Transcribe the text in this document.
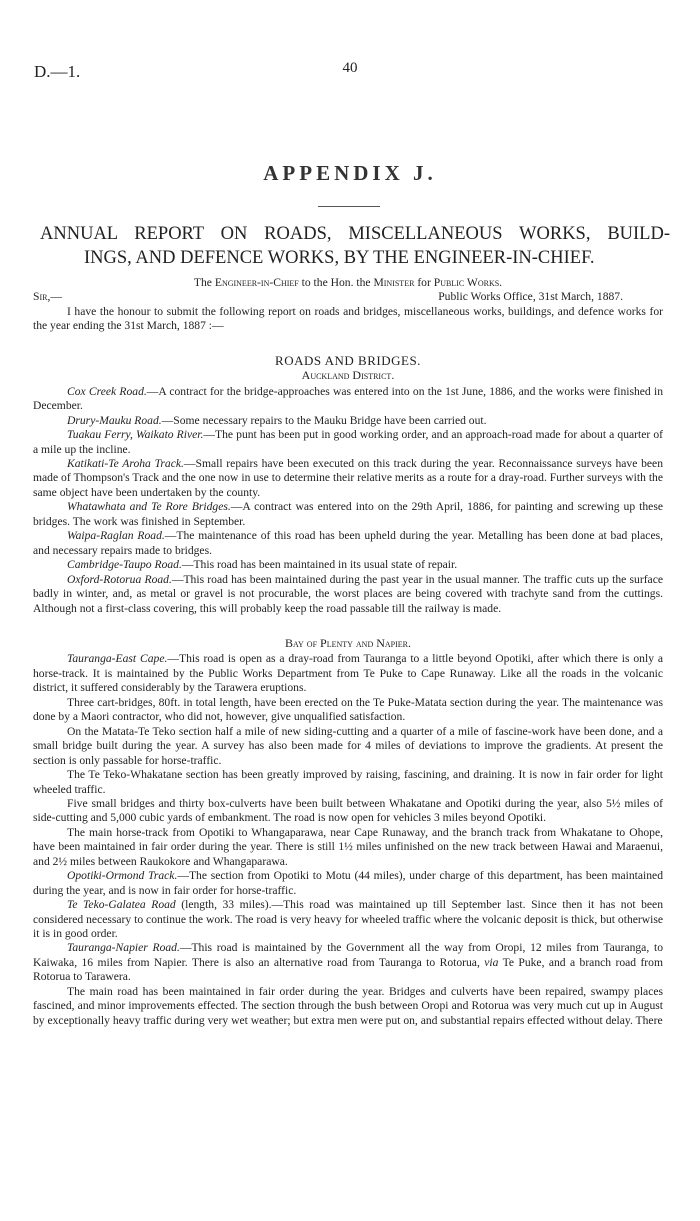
D.—1.	40
APPENDIX J.
ANNUAL REPORT ON ROADS, MISCELLANEOUS WORKS, BUILD-
INGS, AND DEFENCE WORKS, BY THE ENGINEER-IN-CHIEF.
The Engineer-in-Chief to the Hon. the Minister for Public Works.
Sir,—	Public Works Office, 31st March, 1887.

I have the honour to submit the following report on roads and bridges, miscellaneous works, buildings, and defence works for the year ending the 31st March, 1887 :—

ROADS AND BRIDGES.
Auckland District.

Cox Creek Road.—A contract for the bridge-approaches was entered into on the 1st June, 1886, and the works were finished in December.

Drury-Mauku Road.—Some necessary repairs to the Mauku Bridge have been carried out.

Tuakau Ferry, Waikato River.—The punt has been put in good working order, and an approach-road made for about a quarter of a mile up the incline.

Katikati-Te Aroha Track.—Small repairs have been executed on this track during the year. Reconnaissance surveys have been made of Thompson's Track and the one now in use to determine their relative merits as a route for a dray-road. Further surveys with the same object have been undertaken by the county.

Whatawhata and Te Rore Bridges.—A contract was entered into on the 29th April, 1886, for painting and screwing up these bridges. The work was finished in September.

Waipa-Raglan Road.—The maintenance of this road has been upheld during the year. Metalling has been done at bad places, and necessary repairs made to bridges.

Cambridge-Taupo Road.—This road has been maintained in its usual state of repair.

Oxford-Rotorua Road.—This road has been maintained during the past year in the usual manner. The traffic cuts up the surface badly in winter, and, as metal or gravel is not procurable, the worst places are being covered with trachyte sand from the cuttings. Although not a first-class covering, this will probably keep the road passable till the railway is made.

Bay of Plenty and Napier.

Tauranga-East Cape.—This road is open as a dray-road from Tauranga to a little beyond Opotiki, after which there is only a horse-track. It is maintained by the Public Works Department from Te Puke to Cape Runaway. Like all the roads in the volcanic district, it suffered considerably by the Tarawera eruptions.

Three cart-bridges, 80ft. in total length, have been erected on the Te Puke-Matata section during the year. The maintenance was done by a Maori contractor, who did not, however, give unqualified satisfaction.

On the Matata-Te Teko section half a mile of new siding-cutting and a quarter of a mile of fascine-work have been done, and a small bridge built during the year. A survey has also been made for 4 miles of deviations to improve the gradients. At present the section is only passable for horse-traffic.

The Te Teko-Whakatane section has been greatly improved by raising, fascining, and draining. It is now in fair order for light wheeled traffic.

Five small bridges and thirty box-culverts have been built between Whakatane and Opotiki during the year, also 5½ miles of side-cutting and 5,000 cubic yards of embankment. The road is now open for vehicles 3 miles beyond Opotiki.

The main horse-track from Opotiki to Whangaparawa, near Cape Runaway, and the branch track from Whakatane to Ohope, have been maintained in fair order during the year. There is still 1½ miles unfinished on the new track between Hawai and Maraenui, and 2½ miles between Raukokore and Whangaparawa.

Opotiki-Ormond Track.—The section from Opotiki to Motu (44 miles), under charge of this department, has been maintained during the year, and is now in fair order for horse-traffic.

Te Teko-Galatea Road (length, 33 miles).—This road was maintained up till September last. Since then it has not been considered necessary to continue the work. The road is very heavy for wheeled traffic where the volcanic deposit is thick, but otherwise it is in good order.

Tauranga-Napier Road.—This road is maintained by the Government all the way from Oropi, 12 miles from Tauranga, to Kaiwaka, 16 miles from Napier. There is also an alternative road from Tauranga to Rotorua, via Te Puke, and a branch road from Rotorua to Tarawera.

The main road has been maintained in fair order during the year. Bridges and culverts have been repaired, swampy places fascined, and minor improvements effected. The section through the bush between Oropi and Rotorua was very much cut up in August by exceptionally heavy traffic during very wet weather; but extra men were put on, and substantial repairs effected without delay. There
